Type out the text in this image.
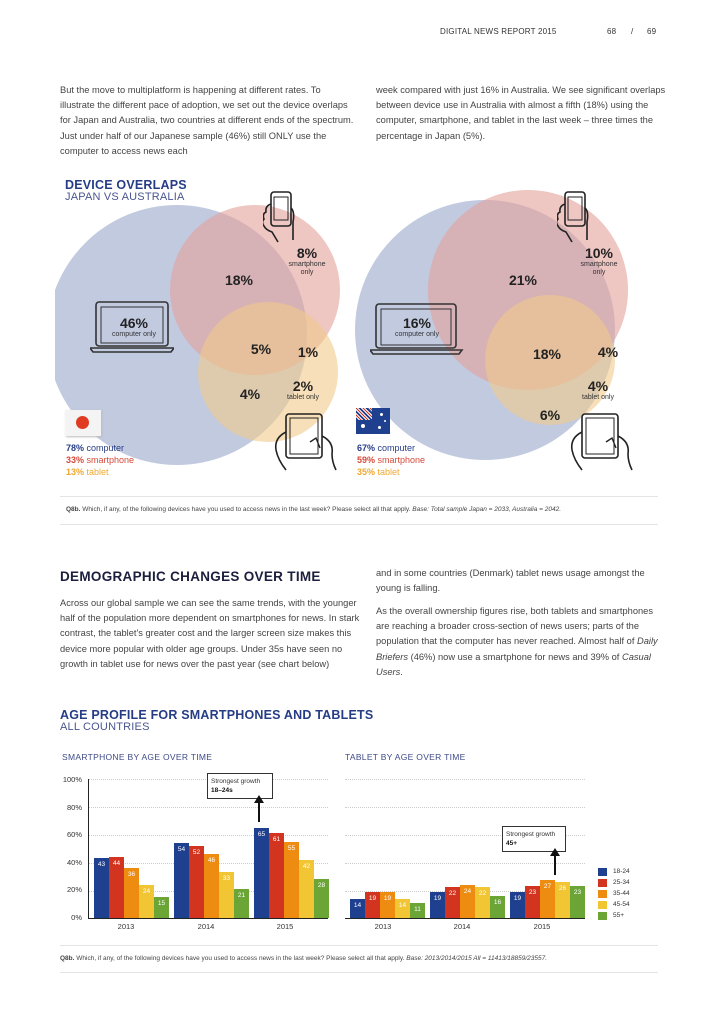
DIGITAL NEWS REPORT 2015	68 / 69
But the move to multiplatform is happening at different rates. To illustrate the different pace of adoption, we set out the device overlaps for Japan and Australia, two countries at different ends of the spectrum. Just under half of our Japanese sample (46%) still ONLY use the computer to access news each
week compared with just 16% in Australia. We see significant overlaps between device use in Australia with almost a fifth (18%) using the computer, smartphone, and tablet in the last week – three times the percentage in Japan (5%).
DEVICE OVERLAPS
JAPAN VS AUSTRALIA
8%
smartphone only
18%
46%
computer only
5%	1%
4%	2%
tablet only
78% computer
33% smartphone
13% tablet
10%
smartphone only
21%
16%
computer only
18%	4%
4%
tablet only
6%
67% computer
59% smartphone
35% tablet
Q8b. Which, if any, of the following devices have you used to access news in the last week? Please select all that apply. Base: Total sample Japan = 2033, Australia = 2042.
DEMOGRAPHIC CHANGES OVER TIME
Across our global sample we can see the same trends, with the younger half of the population more dependent on smartphones for news. In stark contrast, the tablet's greater cost and the larger screen size makes this device more popular with older age groups. Under 35s have seen no growth in tablet use for news over the past year (see chart below)
and in some countries (Denmark) tablet news usage amongst the young is falling.
As the overall ownership figures rise, both tablets and smartphones are reaching a broader cross-section of news users; parts of the population that the computer has never reached. Almost half of Daily Briefers (46%) now use a smartphone for news and 39% of Casual Users.
AGE PROFILE FOR SMARTPHONES AND TABLETS
ALL COUNTRIES
SMARTPHONE BY AGE OVER TIME	TABLET BY AGE OVER TIME
100%
80%
60%
40%
20%
0%
43	44
36
24
15
54	52
46
33
21
65
61
55
42
28
2013	2014	2015
Strongest growth
18–24s
14
19	19
14
11
19
22	24	22
16
19
23
27	26
23
2013	2014	2015
Strongest growth
45+
18-24
25-34
35-44
45-54
55+
Q8b. Which, if any, of the following devices have you used to access news in the last week? Please select all that apply. Base: 2013/2014/2015 All = 11413/18859/23557.
